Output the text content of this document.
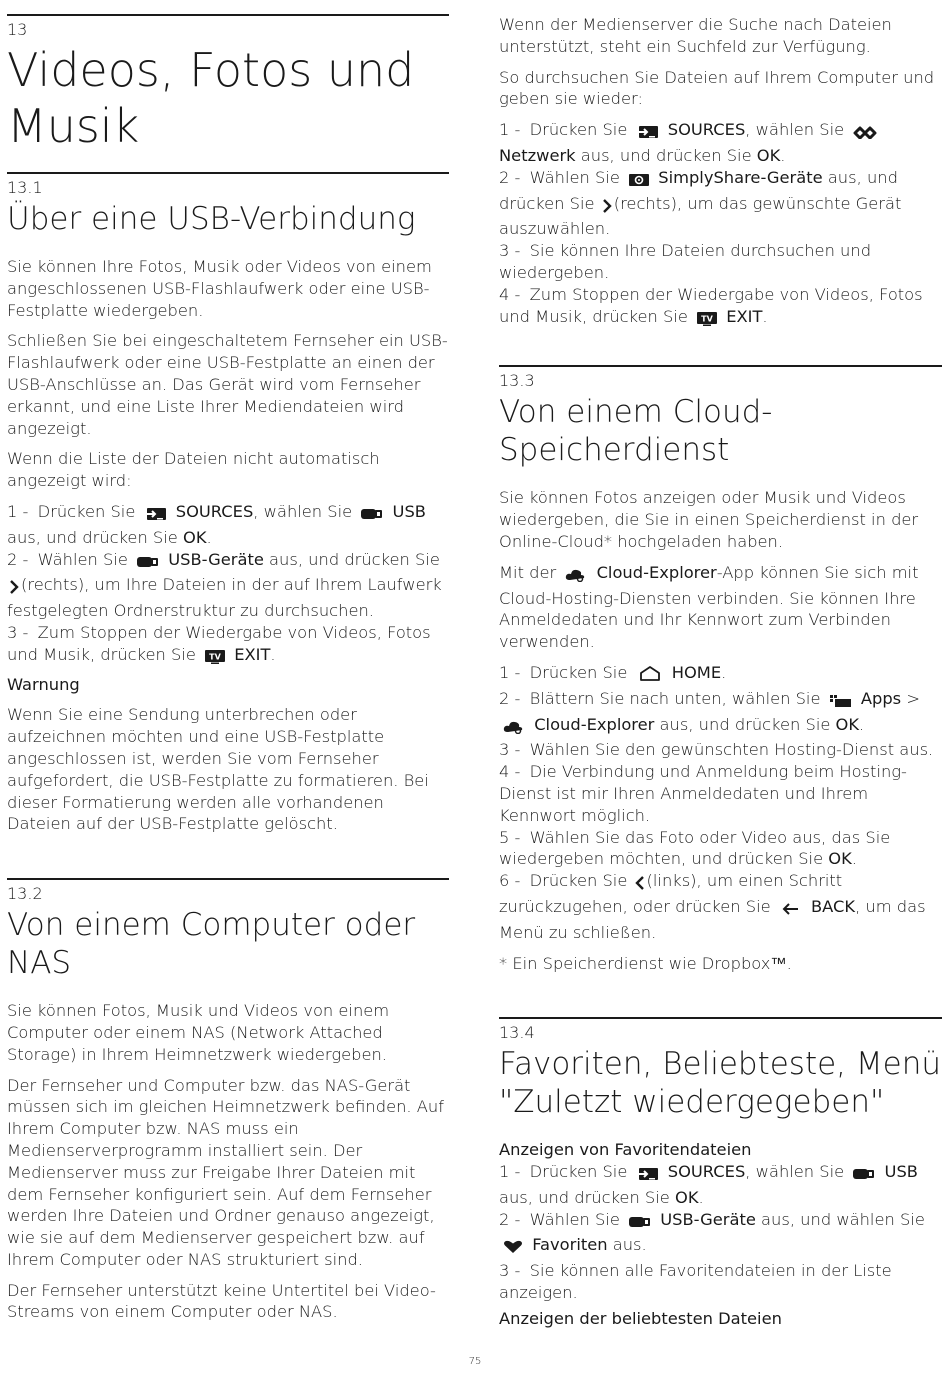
13
Videos, Fotos und Musik
13.1
Über eine USB-Verbindung

Sie können Ihre Fotos, Musik oder Videos von einem angeschlossenen USB-Flashlaufwerk oder eine USB-Festplatte wiedergeben.

Schließen Sie bei eingeschaltetem Fernseher ein USB-Flashlaufwerk oder eine USB-Festplatte an einen der USB-Anschlüsse an. Das Gerät wird vom Fernseher erkannt, und eine Liste Ihrer Mediendateien wird angezeigt.

Wenn die Liste der Dateien nicht automatisch angezeigt wird:

1 - Drücken Sie SOURCES, wählen Sie USB aus, und drücken Sie OK.

2 - Wählen Sie USB-Geräte aus, und drücken Sie (rechts), um Ihre Dateien in der auf Ihrem Laufwerk festgelegten Ordnerstruktur zu durchsuchen.

3 - Zum Stoppen der Wiedergabe von Videos, Fotos und Musik, drücken Sie TV EXIT.

Warnung

Wenn Sie eine Sendung unterbrechen oder aufzeichnen möchten und eine USB-Festplatte angeschlossen ist, werden Sie vom Fernseher aufgefordert, die USB-Festplatte zu formatieren. Bei dieser Formatierung werden alle vorhandenen Dateien auf der USB-Festplatte gelöscht.

13.2
Von einem Computer oder NAS

Sie können Fotos, Musik und Videos von einem Computer oder einem NAS (Network Attached Storage) in Ihrem Heimnetzwerk wiedergeben.

Der Fernseher und Computer bzw. das NAS-Gerät müssen sich im gleichen Heimnetzwerk befinden. Auf Ihrem Computer bzw. NAS muss ein Medienserverprogramm installiert sein. Der Medienserver muss zur Freigabe Ihrer Dateien mit dem Fernseher konfiguriert sein. Auf dem Fernseher werden Ihre Dateien und Ordner genauso angezeigt, wie sie auf dem Medienserver gespeichert bzw. auf Ihrem Computer oder NAS strukturiert sind.

Der Fernseher unterstützt keine Untertitel bei Video-Streams von einem Computer oder NAS.

Wenn der Medienserver die Suche nach Dateien unterstützt, steht ein Suchfeld zur Verfügung.

So durchsuchen Sie Dateien auf Ihrem Computer und geben sie wieder:

1 - Drücken Sie SOURCES, wählen Sie  Netzwerk aus, und drücken Sie OK.

2 - Wählen Sie SimplyShare-Geräte aus, und drücken Sie (rechts), um das gewünschte Gerät auszuwählen.

3 - Sie können Ihre Dateien durchsuchen und wiedergeben.

4 - Zum Stoppen der Wiedergabe von Videos, Fotos und Musik, drücken Sie TV EXIT.

13.3
Von einem Cloud-Speicherdienst

Sie können Fotos anzeigen oder Musik und Videos wiedergeben, die Sie in einen Speicherdienst in der Online-Cloud* hochgeladen haben.

Mit der Cloud-Explorer-App können Sie sich mit Cloud-Hosting-Diensten verbinden. Sie können Ihre Anmeldedaten und Ihr Kennwort zum Verbinden verwenden.

1 - Drücken Sie	HOME.

2 - Blättern Sie nach unten, wählen Sie Apps >  Cloud-Explorer aus, und drücken Sie OK.

3 - Wählen Sie den gewünschten Hosting-Dienst aus.

4 - Die Verbindung und Anmeldung beim Hosting-Dienst ist mir Ihren Anmeldedaten und Ihrem Kennwort möglich.

5 - Wählen Sie das Foto oder Video aus, das Sie wiedergeben möchten, und drücken Sie OK.

6 - Drücken Sie (links), um einen Schritt zurückzugehen, oder drücken Sie BACK, um das Menü zu schließen.

* Ein Speicherdienst wie Dropbox™.

13.4
Favoriten, Beliebteste, Menü "Zuletzt wiedergegeben"

Anzeigen von Favoritendateien

1 - Drücken Sie SOURCES, wählen Sie USB aus, und drücken Sie OK.

2 - Wählen Sie USB-Geräte aus, und wählen Sie  Favoriten aus.

3 - Sie können alle Favoritendateien in der Liste anzeigen.

Anzeigen der beliebtesten Dateien

75
